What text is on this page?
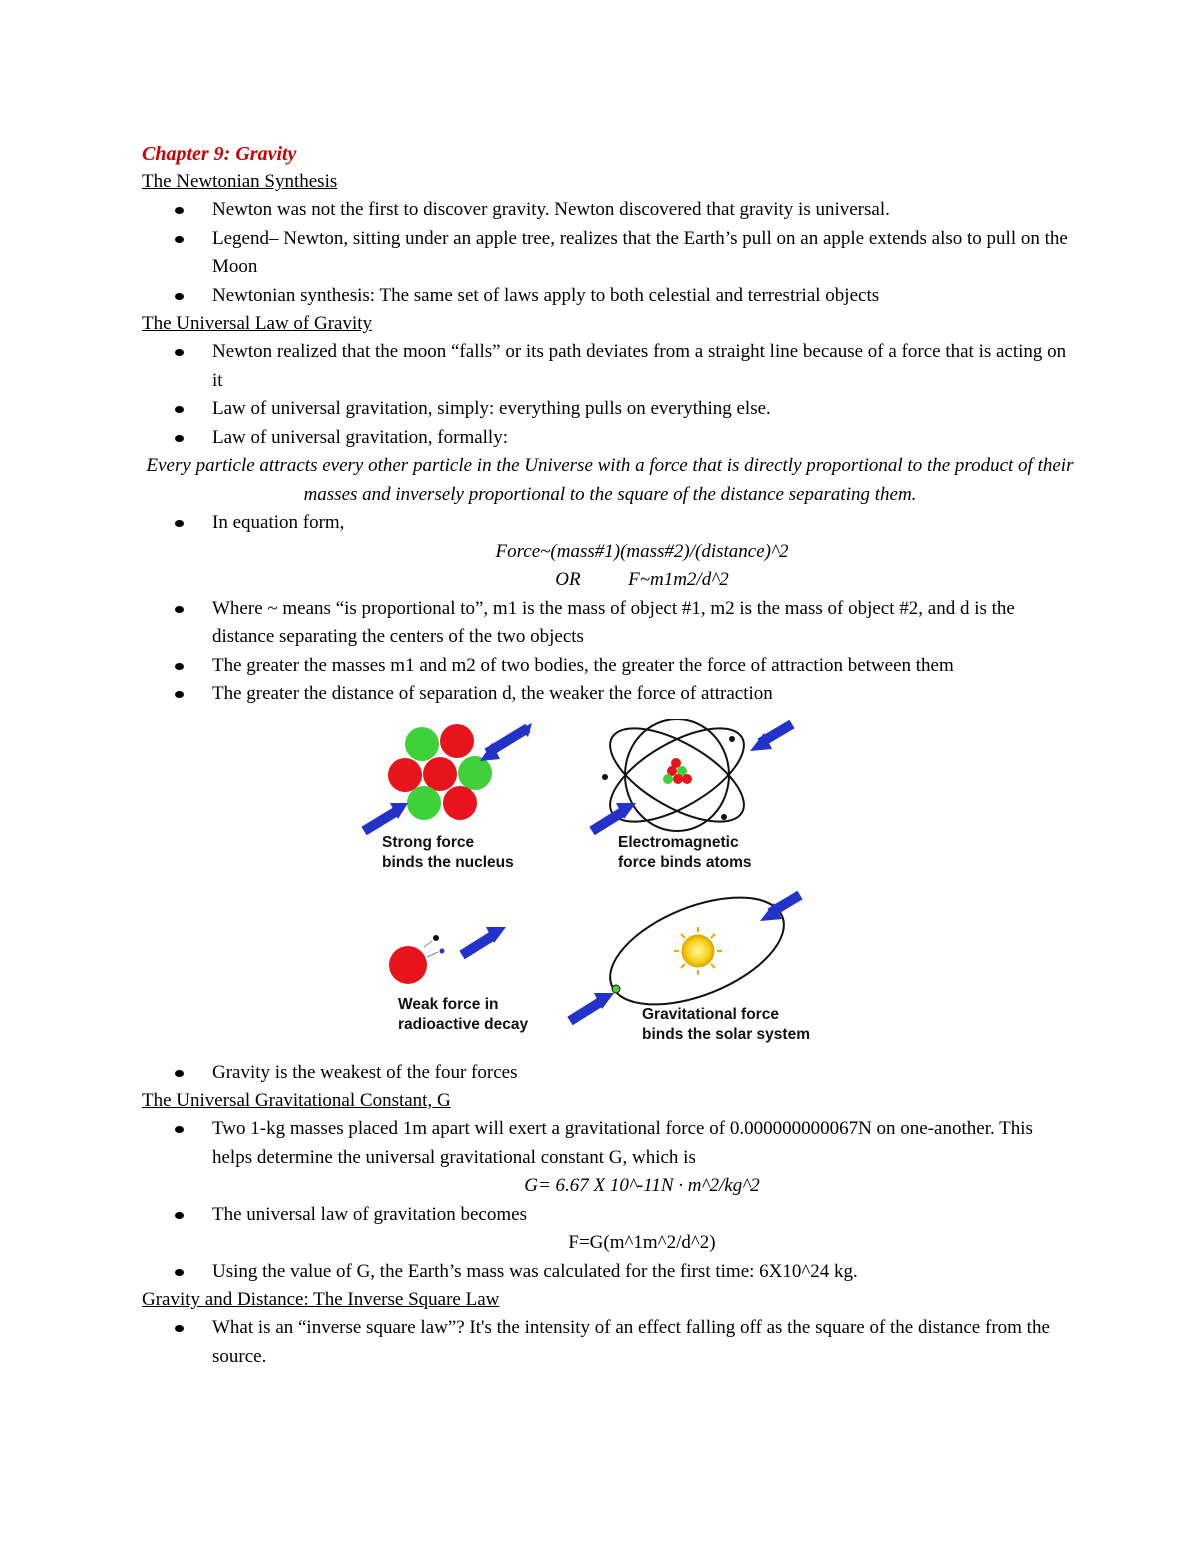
Chapter 9: Gravity
The Newtonian Synthesis
Newton was not the first to discover gravity. Newton discovered that gravity is universal.
Legend– Newton, sitting under an apple tree, realizes that the Earth’s pull on an apple extends also to pull on the Moon
Newtonian synthesis: The same set of laws apply to both celestial and terrestrial objects
The Universal Law of Gravity
Newton realized that the moon “falls” or its path deviates from a straight line because of a force that is acting on it
Law of universal gravitation, simply: everything pulls on everything else.
Law of universal gravitation, formally:
Every particle attracts every other particle in the Universe with a force that is directly proportional to the product of their masses and inversely proportional to the square of the distance separating them.
In equation form,
Force~(mass#1)(mass#2)/(distance)^2
OR          F~m1m2/d^2
Where ~ means “is proportional to”, m1 is the mass of object #1, m2 is the mass of object #2, and d is the distance separating the centers of the two objects
The greater the masses m1 and m2 of two bodies, the greater the force of attraction between them
The greater the distance of separation d, the weaker the force of attraction
Strong force
binds the nucleus
Electromagnetic
force binds atoms
Weak force in
radioactive decay
Gravitational force
binds the solar system
Gravity is the weakest of the four forces
The Universal Gravitational Constant, G
Two 1-kg masses placed 1m apart will exert a gravitational force of 0.000000000067N on one-another. This helps determine the universal gravitational constant G, which is
G= 6.67 X 10^-11N · m^2/kg^2
The universal law of gravitation becomes
F=G(m^1m^2/d^2)
Using the value of G, the Earth’s mass was calculated for the first time: 6X10^24 kg.
Gravity and Distance: The Inverse Square Law
What is an “inverse square law”? It's the intensity of an effect falling off as the square of the distance from the source.
